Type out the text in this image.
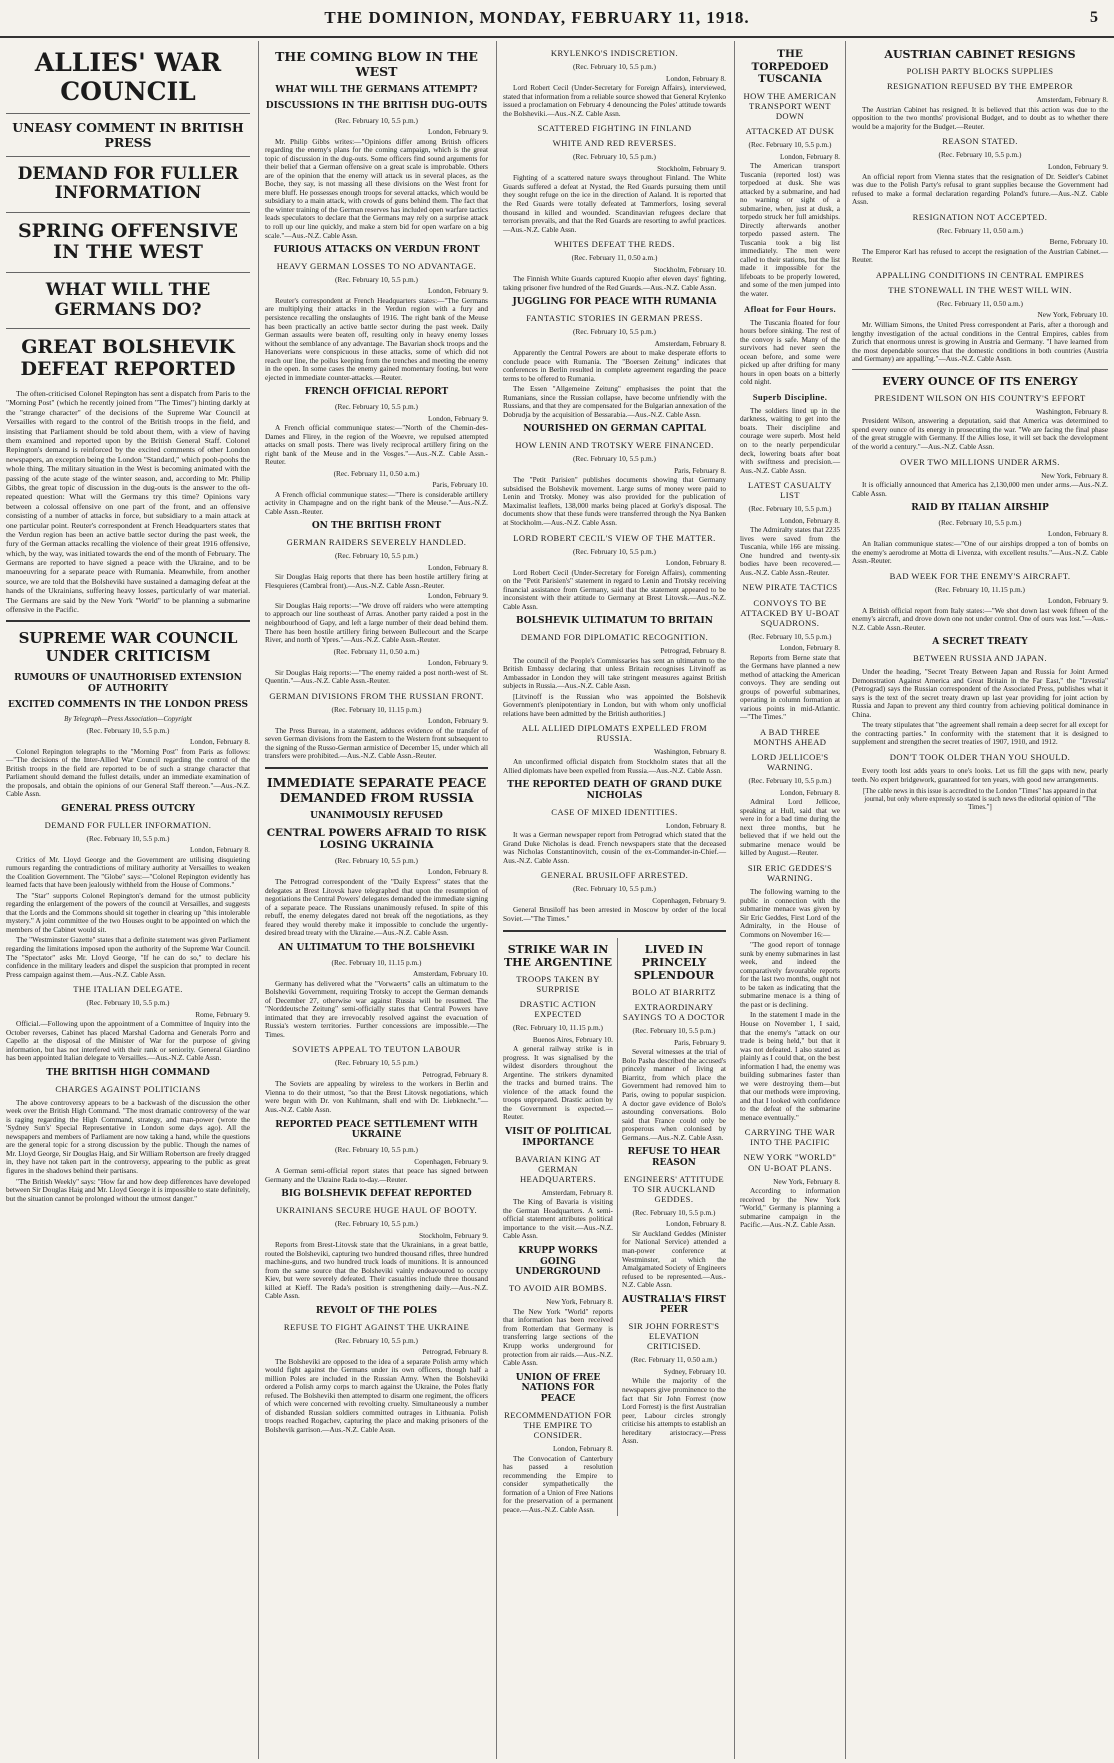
THE DOMINION, MONDAY, FEBRUARY 11, 1918.	5
ALLIES' WAR COUNCIL
UNEASY COMMENT IN BRITISH PRESS
DEMAND FOR FULLER INFORMATION
SPRING OFFENSIVE IN THE WEST
WHAT WILL THE GERMANS DO?
GREAT BOLSHEVIK DEFEAT REPORTED

The often-criticised Colonel Repington has sent a dispatch from Paris to the "Morning Post" (which he recently joined from "The Times") hinting darkly at the "strange character" of the decisions of the Supreme War Council at Versailles with regard to the control of the British troops in the field, and insisting that Parliament should be told about them, with a view of having them examined and reported upon by the British General Staff. Colonel Repington's demand is reinforced by the excited comments of other London newspapers, an exception being the London "Standard," which pooh-poohs the whole thing. The military situation in the West is becoming animated with the passing of the acute stage of the winter season, and, according to Mr. Philip Gibbs, the great topic of discussion in the dug-outs is the answer to the oft-repeated question: What will the Germans try this time? Opinions vary between a colossal offensive on one part of the front, and an offensive consisting of a number of attacks in force, but subsidiary to a main attack at one particular point. Reuter's correspondent at French Headquarters states that the Verdun region has been an active battle sector during the past week, the fury of the German attacks recalling the violence of their great 1916 offensive, which, by the way, was initiated towards the end of the month of February. The Germans are reported to have signed a peace with the Ukraine, and to be manoeuvring for a separate peace with Rumania. Meanwhile, from another source, we are told that the Bolsheviki have sustained a damaging defeat at the hands of the Ukrainians, suffering heavy losses, particularly of war material. The Germans are said by the New York "World" to be planning a submarine offensive in the Pacific.

SUPREME WAR COUNCIL UNDER CRITICISM
RUMOURS OF UNAUTHORISED EXTENSION OF AUTHORITY
EXCITED COMMENTS IN THE LONDON PRESS
By Telegraph—Press Association—Copyright
(Rec. February 10, 5.5 p.m.)
London, February 8.

Colonel Repington telegraphs to the "Morning Post" from Paris as follows:—"The decisions of the Inter-Allied War Council regarding the control of the British troops in the field are reported to be of such a strange character that Parliament should demand the fullest details, under an immediate examination of the proposals, and obtain the opinions of our General Staff thereon."—Aus.-N.Z. Cable Assn.

GENERAL PRESS OUTCRY
DEMAND FOR FULLER INFORMATION.
(Rec. February 10, 5.5 p.m.)
London, February 8.

Critics of Mr. Lloyd George and the Government are utilising disquieting rumours regarding the contradictions of military authority at Versailles to weaken the Coalition Government. The "Globe" says:—"Colonel Repington evidently has learned facts that have been jealously withheld from the House of Commons."

The "Star" supports Colonel Repington's demand for the utmost publicity regarding the enlargement of the powers of the council at Versailles, and suggests that the Lords and the Commons should sit together in clearing up "this intolerable mystery." A joint committee of the two Houses ought to be appointed on which the members of the Cabinet would sit.

The "Westminster Gazette" states that a definite statement was given Parliament regarding the limitations imposed upon the authority of the Supreme War Council. The "Spectator" asks Mr. Lloyd George, "If he can do so," to declare his confidence in the military leaders and dispel the suspicion that prompted in recent Press campaign against them.—Aus.-N.Z. Cable Assn.

THE ITALIAN DELEGATE.
(Rec. February 10, 5.5 p.m.)
Rome, February 9.

Official.—Following upon the appointment of a Committee of Inquiry into the October reverses, Cabinet has placed Marshal Cadorna and Generals Porro and Capello at the disposal of the Minister of War for the purpose of giving information, but has not interfered with their rank or seniority. General Giardino has been appointed Italian delegate to Versailles.—Aus.-N.Z. Cable Assn.

THE BRITISH HIGH COMMAND
CHARGES AGAINST POLITICIANS

The above controversy appears to be a backwash of the discussion the other week over the British High Command. "The most dramatic controversy of the war is raging regarding the High Command, strategy, and man-power (wrote the 'Sydney Sun's' Special Representative in London some days ago). All the newspapers and members of Parliament are now taking a hand, while the questions are the general topic for a strong discussion by the public. Though the names of Mr. Lloyd George, Sir Douglas Haig, and Sir William Robertson are freely dragged in, they have not taken part in the controversy, appearing to the public as great figures in the shadows behind their partisans.

"The British Weekly" says: "How far and how deep differences have developed between Sir Douglas Haig and Mr. Lloyd George it is impossible to state definitely, but the situation cannot be prolonged without the utmost danger."

THE COMING BLOW IN THE WEST
WHAT WILL THE GERMANS ATTEMPT?
DISCUSSIONS IN THE BRITISH DUG-OUTS
(Rec. February 10, 5.5 p.m.)
London, February 9.

Mr. Philip Gibbs writes:—"Opinions differ among British officers regarding the enemy's plans for the coming campaign, which is the great topic of discussion in the dug-outs. Some officers find sound arguments for their belief that a German offensive on a great scale is improbable. Others are of the opinion that the enemy will attack us in several places, as the Boche, they say, is not massing all these divisions on the West front for mere bluff. He possesses enough troops for several attacks, which would be subsidiary to a main attack, with crowds of guns behind them. The fact that the winter training of the German reserves has included open warfare tactics leads speculators to declare that the Germans may rely on a surprise attack to roll up our line quickly, and make a stern bid for open warfare on a big scale."—Aus.-N.Z. Cable Assn.

FURIOUS ATTACKS ON VERDUN FRONT
HEAVY GERMAN LOSSES TO NO ADVANTAGE.
(Rec. February 10, 5.5 p.m.)
London, February 9.

Reuter's correspondent at French Headquarters states:—"The Germans are multiplying their attacks in the Verdun region with a fury and persistence recalling the onslaughts of 1916. The right bank of the Meuse has been practically an active battle sector during the past week. Daily German assaults were beaten off, resulting only in heavy enemy losses without the semblance of any advantage. The Bavarian shock troops and the Hanoverians were conspicuous in these attacks, some of which did not reach our line, the poilus keeping from the trenches and meeting the enemy in the open. In some cases the enemy gained momentary footing, but were ejected in immediate counter-attacks.—Reuter.

FRENCH OFFICIAL REPORT
(Rec. February 10, 5.5 p.m.)
London, February 9.

A French official communique states:—"North of the Chemin-des-Dames and Flirey, in the region of the Woevre, we repulsed attempted attacks on small posts. There was lively reciprocal artillery firing on the right bank of the Meuse and in the Vosges."—Aus.-N.Z. Cable Assn.-Reuter.

(Rec. February 11, 0.50 a.m.)
Paris, February 10.

A French official communique states:—"There is considerable artillery activity in Champagne and on the right bank of the Meuse."—Aus.-N.Z. Cable Assn.-Reuter.

ON THE BRITISH FRONT
GERMAN RAIDERS SEVERELY HANDLED.
(Rec. February 10, 5.5 p.m.)
London, February 8.

Sir Douglas Haig reports that there has been hostile artillery firing at Flesquieres (Cambrai front).—Aus.-N.Z. Cable Assn.-Reuter.

London, February 9.

Sir Douglas Haig reports:—"We drove off raiders who were attempting to approach our line southeast of Arras. Another party raided a post in the neighbourhood of Gapy, and left a large number of their dead behind them. There has been hostile artillery firing between Bullecourt and the Scarpe River, and north of Ypres."—Aus.-N.Z. Cable Assn.-Reuter.

(Rec. February 11, 0.50 a.m.)
London, February 9.

Sir Douglas Haig reports:—"The enemy raided a post north-west of St. Quentin."—Aus.-N.Z. Cable Assn.-Reuter.

GERMAN DIVISIONS FROM THE RUSSIAN FRONT.
(Rec. February 10, 11.15 p.m.)
London, February 9.

The Press Bureau, in a statement, adduces evidence of the transfer of seven German divisions from the Eastern to the Western front subsequent to the signing of the Russo-German armistice of December 15, under which all transfers were prohibited.—Aus.-N.Z. Cable Assn.-Reuter.

IMMEDIATE SEPARATE PEACE DEMANDED FROM RUSSIA
UNANIMOUSLY REFUSED
CENTRAL POWERS AFRAID TO RISK LOSING UKRAINIA
(Rec. February 10, 5.5 p.m.)
London, February 8.

The Petrograd correspondent of the "Daily Express" states that the delegates at Brest Litovsk have telegraphed that upon the resumption of negotiations the Central Powers' delegates demanded the immediate signing of a separate peace. The Russians unanimously refused. In spite of this rebuff, the enemy delegates dared not break off the negotiations, as they feared they would thereby make it impossible to conclude the urgently-desired bread treaty with the Ukraine.—Aus.-N.Z. Cable Assn.

AN ULTIMATUM TO THE BOLSHEVIKI
(Rec. February 10, 11.15 p.m.)
Amsterdam, February 10.

Germany has delivered what the "Vorwaerts" calls an ultimatum to the Bolsheviki Government, requiring Trotsky to accept the German demands of December 27, otherwise war against Russia will be resumed. The "Norddeutsche Zeitung" semi-officially states that Central Powers have intimated that they are irrevocably resolved against the evacuation of Russia's western territories. Further concessions are impossible.—The Times.

SOVIETS APPEAL TO TEUTON LABOUR
(Rec. February 10, 5.5 p.m.)
Petrograd, February 8.

The Soviets are appealing by wireless to the workers in Berlin and Vienna to do their utmost, "so that the Brest Litovsk negotiations, which were begun with Dr. von Kuhlmann, shall end with Dr. Liebknecht."—Aus.-N.Z. Cable Assn.

REPORTED PEACE SETTLEMENT WITH UKRAINE
(Rec. February 10, 5.5 p.m.)
Copenhagen, February 9.

A German semi-official report states that peace has signed between Germany and the Ukraine Rada to-day.—Reuter.

BIG BOLSHEVIK DEFEAT REPORTED
UKRAINIANS SECURE HUGE HAUL OF BOOTY.
(Rec. February 10, 5.5 p.m.)
Stockholm, February 9.

Reports from Brest-Litovsk state that the Ukrainians, in a great battle, routed the Bolsheviki, capturing two hundred thousand rifles, three hundred machine-guns, and two hundred truck loads of munitions. It is announced from the same source that the Bolsheviki vainly endeavoured to occupy Kiev, but were severely defeated. Their casualties include three thousand killed at Kieff. The Rada's position is strengthening daily.—Aus.-N.Z. Cable Assn.

REVOLT OF THE POLES
REFUSE TO FIGHT AGAINST THE UKRAINE
(Rec. February 10, 5.5 p.m.)
Petrograd, February 8.

The Bolsheviki are opposed to the idea of a separate Polish army which would fight against the Germans under its own officers, though half a million Poles are included in the Russian Army. When the Bolsheviki ordered a Polish army corps to march against the Ukraine, the Poles flatly refused. The Bolsheviki then attempted to disarm one regiment, the officers of which were concerned with revolting cruelty. Simultaneously a number of disbanded Russian soldiers committed outrages in Lithuania. Polish troops reached Rogachev, capturing the place and making prisoners of the Bolshevik garrison.—Aus.-N.Z. Cable Assn.

KRYLENKO'S INDISCRETION.
(Rec. February 10, 5.5 p.m.)
London, February 8.

Lord Robert Cecil (Under-Secretary for Foreign Affairs), interviewed, stated that information from a reliable source showed that General Krylenko issued a proclamation on February 4 denouncing the Poles' attitude towards the Bolsheviki.—Aus.-N.Z. Cable Assn.

SCATTERED FIGHTING IN FINLAND
WHITE AND RED REVERSES.
(Rec. February 10, 5.5 p.m.)
Stockholm, February 9.

Fighting of a scattered nature sways throughout Finland. The White Guards suffered a defeat at Nystad, the Red Guards pursuing them until they sought refuge on the ice in the direction of Aaland. It is reported that the Red Guards were totally defeated at Tammerfors, losing several thousand in killed and wounded. Scandinavian refugees declare that terrorism prevails, and that the Red Guards are resorting to awful practices.—Aus.-N.Z. Cable Assn.

WHITES DEFEAT THE REDS.
(Rec. February 11, 0.50 a.m.)
Stockholm, February 10.

The Finnish White Guards captured Kuopio after eleven days' fighting, taking prisoner five hundred of the Red Guards.—Aus.-N.Z. Cable Assn.

JUGGLING FOR PEACE WITH RUMANIA
FANTASTIC STORIES IN GERMAN PRESS.
(Rec. February 10, 5.5 p.m.)
Amsterdam, February 8.

Apparently the Central Powers are about to make desperate efforts to conclude peace with Rumania. The "Boersen Zeitung" indicates that conferences in Berlin resulted in complete agreement regarding the peace terms to be offered to Rumania.

The Essen "Allgemeine Zeitung" emphasises the point that the Rumanians, since the Russian collapse, have become unfriendly with the Russians, and that they are compensated for the Bulgarian annexation of the Dobrudja by the acquisition of Bessarabia.—Aus.-N.Z. Cable Assn.

NOURISHED ON GERMAN CAPITAL
HOW LENIN AND TROTSKY WERE FINANCED.
(Rec. February 10, 5.5 p.m.)
Paris, February 8.

The "Petit Parisien" publishes documents showing that Germany subsidised the Bolshevik movement. Large sums of money were paid to Lenin and Trotsky. Money was also provided for the publication of Maximalist leaflets, 138,000 marks being placed at Gorky's disposal. The documents show that these funds were transferred through the Nya Banken at Stockholm.—Aus.-N.Z. Cable Assn.

LORD ROBERT CECIL'S VIEW OF THE MATTER.
(Rec. February 10, 5.5 p.m.)
London, February 8.

Lord Robert Cecil (Under-Secretary for Foreign Affairs), commenting on the "Petit Parisien's" statement in regard to Lenin and Trotsky receiving financial assistance from Germany, said that the statement appeared to be inconsistent with their attitude to Germany at Brest Litovsk.—Aus.-N.Z. Cable Assn.

BOLSHEVIK ULTIMATUM TO BRITAIN
DEMAND FOR DIPLOMATIC RECOGNITION.
Petrograd, February 8.

The council of the People's Commissaries has sent an ultimatum to the British Embassy declaring that unless Britain recognises Litvinoff as Ambassador in London they will take stringent measures against British subjects in Russia.—Aus.-N.Z. Cable Assn.

[Litvinoff is the Russian who was appointed the Bolshevik Government's plenipotentiary in London, but with whom only unofficial relations have been admitted by the British authorities.]

ALL ALLIED DIPLOMATS EXPELLED FROM RUSSIA.
Washington, February 8.

An unconfirmed official dispatch from Stockholm states that all the Allied diplomats have been expelled from Russia.—Aus.-N.Z. Cable Assn.

THE REPORTED DEATH OF GRAND DUKE NICHOLAS
CASE OF MIXED IDENTITIES.
London, February 8.

It was a German newspaper report from Petrograd which stated that the Grand Duke Nicholas is dead. French newspapers state that the deceased was Nicholas Constantinovitch, cousin of the ex-Commander-in-Chief.—Aus.-N.Z. Cable Assn.

GENERAL BRUSILOFF ARRESTED.
(Rec. February 10, 5.5 p.m.)
Copenhagen, February 9.

General Brusiloff has been arrested in Moscow by order of the local Soviet.—"The Times."

STRIKE WAR IN THE ARGENTINE
TROOPS TAKEN BY SURPRISE
DRASTIC ACTION EXPECTED
(Rec. February 10, 11.15 p.m.)
Buenos Aires, February 10.

A general railway strike is in progress. It was signalised by the wildest disorders throughout the Argentine. The strikers dynamited the tracks and burned trains. The violence of the attack found the troops unprepared. Drastic action by the Government is expected.—Reuter.

VISIT OF POLITICAL IMPORTANCE
BAVARIAN KING AT GERMAN HEADQUARTERS.
Amsterdam, February 8.

The King of Bavaria is visiting the German Headquarters. A semi-official statement attributes political importance to the visit.—Aus.-N.Z. Cable Assn.

KRUPP WORKS GOING UNDERGROUND
TO AVOID AIR BOMBS.
New York, February 8.

The New York "World" reports that information has been received from Rotterdam that Germany is transferring large sections of the Krupp works underground for protection from air raids.—Aus.-N.Z. Cable Assn.

UNION OF FREE NATIONS FOR PEACE
RECOMMENDATION FOR THE EMPIRE TO CONSIDER.
London, February 8.

The Convocation of Canterbury has passed a resolution recommending the Empire to consider sympathetically the formation of a Union of Free Nations for the preservation of a permanent peace.—Aus.-N.Z. Cable Assn.

LIVED IN PRINCELY SPLENDOUR
BOLO AT BIARRITZ
EXTRAORDINARY SAYINGS TO A DOCTOR
(Rec. February 10, 5.5 p.m.)
Paris, February 9.

Several witnesses at the trial of Bolo Pasha described the accused's princely manner of living at Biarritz, from which place the Government had removed him to Paris, owing to popular suspicion. A doctor gave evidence of Bolo's astounding conversations. Bolo said that France could only be prosperous when colonised by Germans.—Aus.-N.Z. Cable Assn.

REFUSE TO HEAR REASON
ENGINEERS' ATTITUDE TO SIR AUCKLAND GEDDES.
(Rec. February 10, 5.5 p.m.)
London, February 8.

Sir Auckland Geddes (Minister for National Service) attended a man-power conference at Westminster, at which the Amalgamated Society of Engineers refused to be represented.—Aus.-N.Z. Cable Assn.

AUSTRALIA'S FIRST PEER
SIR JOHN FORREST'S ELEVATION CRITICISED.
(Rec. February 11, 0.50 a.m.)
Sydney, February 10.

While the majority of the newspapers give prominence to the fact that Sir John Forrest (now Lord Forrest) is the first Australian peer, Labour circles strongly criticise his attempts to establish an hereditary aristocracy.—Press Assn.

THE TORPEDOED TUSCANIA
HOW THE AMERICAN TRANSPORT WENT DOWN
ATTACKED AT DUSK
(Rec. February 10, 5.5 p.m.)
London, February 8.

The American transport Tuscania (reported lost) was torpedoed at dusk. She was attacked by a submarine, and had no warning or sight of a submarine, when, just at dusk, a torpedo struck her full amidships. Directly afterwards another torpedo passed astern. The Tuscania took a big list immediately. The men were called to their stations, but the list made it impossible for the lifeboats to be properly lowered, and some of the men jumped into the water.

Afloat for Four Hours.

The Tuscania floated for four hours before sinking. The rest of the convoy is safe. Many of the survivors had never seen the ocean before, and some were picked up after drifting for many hours in open boats on a bitterly cold night.

Superb Discipline.

The soldiers lined up in the darkness, waiting to get into the boats. Their discipline and courage were superb. Most held on to the nearly perpendicular deck, lowering boats after boat with swiftness and precision.—Aus.-N.Z. Cable Assn.

LATEST CASUALTY LIST
(Rec. February 10, 5.5 p.m.)
London, February 8.

The Admiralty states that 2235 lives were saved from the Tuscania, while 166 are missing. One hundred and twenty-six bodies have been recovered.—Aus.-N.Z. Cable Assn.-Reuter.

NEW PIRATE TACTICS
CONVOYS TO BE ATTACKED BY U-BOAT SQUADRONS.
(Rec. February 10, 5.5 p.m.)
London, February 8.

Reports from Berne state that the Germans have planned a new method of attacking the American convoys. They are sending out groups of powerful submarines, operating in column formation at various points in mid-Atlantic.—"The Times."

A BAD THREE MONTHS AHEAD
LORD JELLICOE'S WARNING.
(Rec. February 10, 5.5 p.m.)
London, February 8.

Admiral Lord Jellicoe, speaking at Hull, said that we were in for a bad time during the next three months, but he believed that if we held out the submarine menace would be killed by August.—Reuter.

SIR ERIC GEDDES'S WARNING.

The following warning to the public in connection with the submarine menace was given by Sir Eric Geddes, First Lord of the Admiralty, in the House of Commons on November 16:—

"The good report of tonnage sunk by enemy submarines in last week, and indeed the comparatively favourable reports for the last two months, ought not to be taken as indicating that the submarine menace is a thing of the past or is declining.

In the statement I made in the House on November 1, I said, that the enemy's "attack on our trade is being held," but that it was not defeated. I also stated as plainly as I could that, on the best information I had, the enemy was building submarines faster than we were destroying them—but that our methods were improving, and that I looked with confidence to the defeat of the submarine menace eventually."

CARRYING THE WAR INTO THE PACIFIC
NEW YORK "WORLD" ON U-BOAT PLANS.
New York, February 8.

According to information received by the New York "World," Germany is planning a submarine campaign in the Pacific.—Aus.-N.Z. Cable Assn.

AUSTRIAN CABINET RESIGNS
POLISH PARTY BLOCKS SUPPLIES
RESIGNATION REFUSED BY THE EMPEROR
Amsterdam, February 8.

The Austrian Cabinet has resigned. It is believed that this action was due to the opposition to the two months' provisional Budget, and to doubt as to whether there would be a majority for the Budget.—Reuter.

REASON STATED.
(Rec. February 10, 5.5 p.m.)
London, February 9.

An official report from Vienna states that the resignation of Dr. Seidler's Cabinet was due to the Polish Party's refusal to grant supplies because the Government had refused to make a formal declaration regarding Poland's future.—Aus.-N.Z. Cable Assn.

RESIGNATION NOT ACCEPTED.
(Rec. February 11, 0.50 a.m.)
Berne, February 10.

The Emperor Karl has refused to accept the resignation of the Austrian Cabinet.—Reuter.

APPALLING CONDITIONS IN CENTRAL EMPIRES
THE STONEWALL IN THE WEST WILL WIN.
(Rec. February 11, 0.50 a.m.)
New York, February 10.

Mr. William Simons, the United Press correspondent at Paris, after a thorough and lengthy investigation of the actual conditions in the Central Empires, cables from Zurich that enormous unrest is growing in Austria and Germany. "I have learned from the most dependable sources that the domestic conditions in both countries (Austria and Germany) are appalling."—Aus.-N.Z. Cable Assn.

EVERY OUNCE OF ITS ENERGY
PRESIDENT WILSON ON HIS COUNTRY'S EFFORT
Washington, February 8.

President Wilson, answering a deputation, said that America was determined to spend every ounce of its energy in prosecuting the war. "We are facing the final phase of the great struggle with Germany. If the Allies lose, it will set back the development of the world a century."—Aus.-N.Z. Cable Assn.

OVER TWO MILLIONS UNDER ARMS.
New York, February 8.

It is officially announced that America has 2,130,000 men under arms.—Aus.-N.Z. Cable Assn.

RAID BY ITALIAN AIRSHIP
(Rec. February 10, 5.5 p.m.)
London, February 8.

An Italian communique states:—"One of our airships dropped a ton of bombs on the enemy's aerodrome at Motta di Livenza, with excellent results."—Aus.-N.Z. Cable Assn.-Reuter.

BAD WEEK FOR THE ENEMY'S AIRCRAFT.
(Rec. February 10, 11.15 p.m.)
London, February 9.

A British official report from Italy states:—"We shot down last week fifteen of the enemy's aircraft, and drove down one not under control. One of ours was lost."—Aus.-N.Z. Cable Assn.-Reuter.

A SECRET TREATY
BETWEEN RUSSIA AND JAPAN.

Under the heading, "Secret Treaty Between Japan and Russia for Joint Armed Demonstration Against America and Great Britain in the Far East," the "Izvestia" (Petrograd) says the Russian correspondent of the Associated Press, publishes what it says is the text of the secret treaty drawn up last year providing for joint action by Russia and Japan to prevent any third country from achieving political dominance in China.

The treaty stipulates that "the agreement shall remain a deep secret for all except for the contracting parties." In conformity with the statement that it is designed to supplement and strengthen the secret treaties of 1907, 1910, and 1912.

DON'T TOOK OLDER THAN YOU SHOULD.

Every tooth lost adds years to one's looks. Let us fill the gaps with new, pearly teeth. No expert bridgework, guaranteed for ten years, with good new arrangements.

[The cable news in this issue is accredited to the London "Times" has appeared in that journal, but only where expressly so stated is such news the editorial opinion of "The Times."]
